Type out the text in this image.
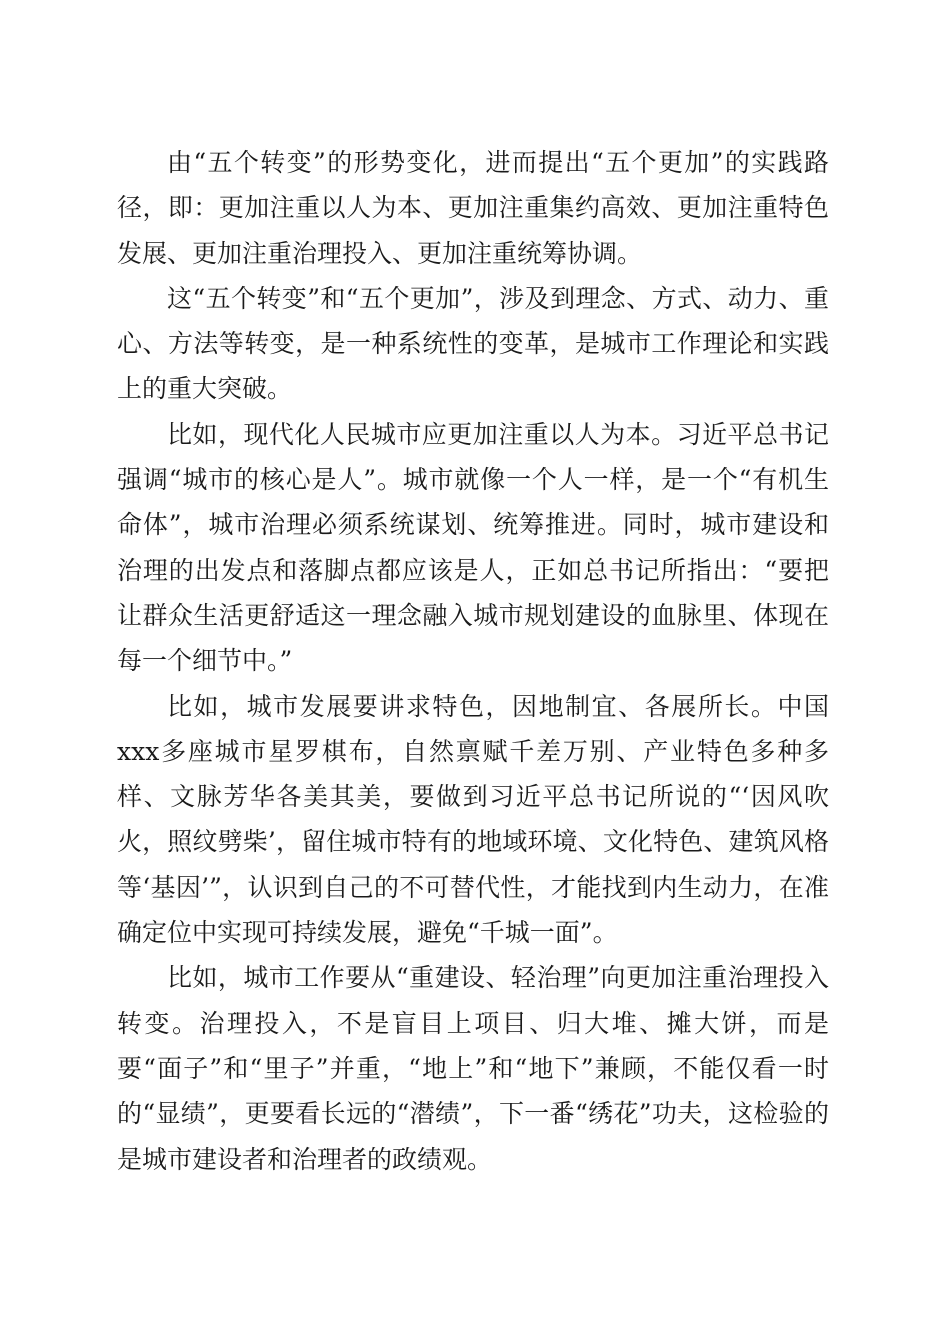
由“五个转变”的形势变化，进而提出“五个更加”的实践路径，即：更加注重以人为本、更加注重集约高效、更加注重特色发展、更加注重治理投入、更加注重统筹协调。

这“五个转变”和“五个更加”，涉及到理念、方式、动力、重心、方法等转变，是一种系统性的变革，是城市工作理论和实践上的重大突破。

比如，现代化人民城市应更加注重以人为本。习近平总书记强调“城市的核心是人”。城市就像一个人一样，是一个“有机生命体”，城市治理必须系统谋划、统筹推进。同时，城市建设和治理的出发点和落脚点都应该是人，正如总书记所指出：“要把让群众生活更舒适这一理念融入城市规划建设的血脉里、体现在每一个细节中。”

比如，城市发展要讲求特色，因地制宜、各展所长。中国xxx多座城市星罗棋布，自然禀赋千差万别、产业特色多种多样、文脉芳华各美其美，要做到习近平总书记所说的“‘因风吹火，照纹劈柴’，留住城市特有的地域环境、文化特色、建筑风格等‘基因’”，认识到自己的不可替代性，才能找到内生动力，在准确定位中实现可持续发展，避免“千城一面”。

比如，城市工作要从“重建设、轻治理”向更加注重治理投入转变。治理投入，不是盲目上项目、归大堆、摊大饼，而是要“面子”和“里子”并重，“地上”和“地下”兼顾，不能仅看一时的“显绩”，更要看长远的“潜绩”，下一番“绣花”功夫，这检验的是城市建设者和治理者的政绩观。
